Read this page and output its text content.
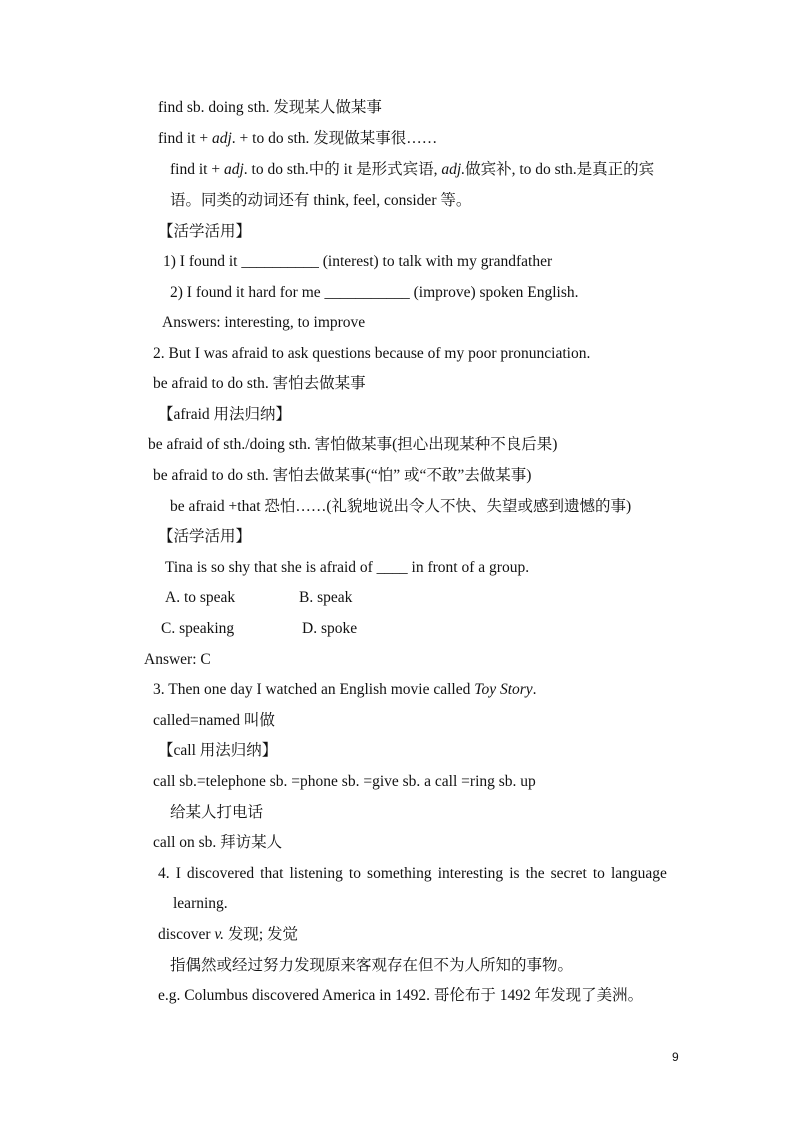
find sb. doing sth. 发现某人做某事
find it + adj. + to do sth. 发现做某事很……
find it + adj. to do sth.中的 it 是形式宾语, adj.做宾补, to do sth.是真正的宾
语。同类的动词还有 think, feel, consider 等。
【活学活用】
1) I found it __________ (interest) to talk with my grandfather
2) I found it hard for me ___________ (improve) spoken English.
Answers: interesting, to improve
2. But I was afraid to ask questions because of my poor pronunciation.
be afraid to do sth. 害怕去做某事
【afraid 用法归纳】
be afraid of sth./doing sth. 害怕做某事(担心出现某种不良后果)
be afraid to do sth. 害怕去做某事(“怕” 或“不敢”去做某事)
be afraid +that 恐怕……(礼貌地说出令人不快、失望或感到遗憾的事)
【活学活用】
Tina is so shy that she is afraid of ____ in front of a group.
A. to speak	B. speak
C. speaking	D. spoke
Answer: C
3. Then one day I watched an English movie called Toy Story.
called=named 叫做
【call 用法归纳】
call sb.=telephone sb. =phone sb. =give sb. a call =ring sb. up
给某人打电话
call on sb. 拜访某人
4. I discovered that listening to something interesting is the secret to language
learning.
discover v. 发现; 发觉
指偶然或经过努力发现原来客观存在但不为人所知的事物。
e.g. Columbus discovered America in 1492. 哥伦布于 1492 年发现了美洲。
9
